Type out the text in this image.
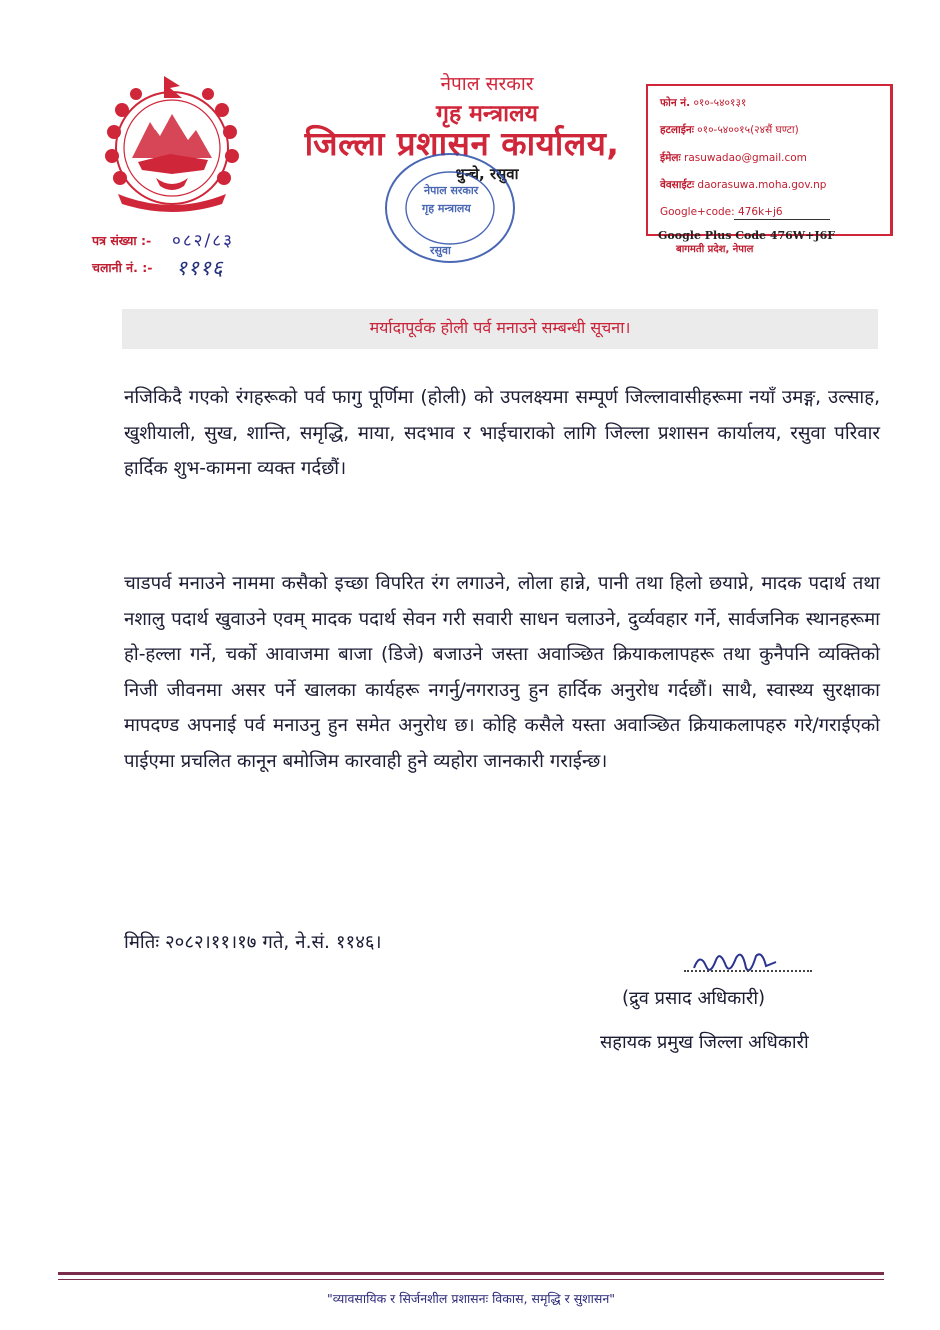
नेपाल सरकार
गृह मन्त्रालय
जिल्ला प्रशासन कार्यालय,
धुन्चे, रसुवा
नेपाल सरकार
गृह मन्त्रालय
रसुवा
फोन नं. ०१०-५४०१३१
हटलाईनः ०१०-५४००१५(२४सैं घण्टा)
ईमेलः rasuwadao@gmail.com
वेवसाईटः daorasuwa.moha.gov.np
Google+code: 476k+j6
Google Plus Code 476W+J6F
बागमती प्रदेश, नेपाल
पत्र संख्या :- ०८२/८३
चलानी नं. :- १११६
मर्यादापूर्वक होली पर्व मनाउने सम्बन्धी सूचना।
नजिकिदै गएको रंगहरूको पर्व फागु पूर्णिमा (होली) को उपलक्ष्यमा सम्पूर्ण जिल्लावासीहरूमा नयाँ उमङ्ग, उल्साह, खुशीयाली, सुख, शान्ति, समृद्धि, माया, सदभाव र भाईचाराको लागि जिल्ला प्रशासन कार्यालय, रसुवा परिवार हार्दिक शुभ-कामना व्यक्त गर्दछौं।
चाडपर्व मनाउने नाममा कसैको इच्छा विपरित रंग लगाउने, लोला हान्ने, पानी तथा हिलो छयाप्ने, मादक पदार्थ तथा नशालु पदार्थ खुवाउने एवम् मादक पदार्थ सेवन गरी सवारी साधन चलाउने, दुर्व्यवहार गर्ने, सार्वजनिक स्थानहरूमा हो-हल्ला गर्ने, चर्को आवाजमा बाजा (डिजे) बजाउने जस्ता अवाञ्छित क्रियाकलापहरू तथा कुनैपनि व्यक्तिको निजी जीवनमा असर पर्ने खालका कार्यहरू नगर्नु/नगराउनु हुन हार्दिक अनुरोध गर्दछौं। साथै, स्वास्थ्य सुरक्षाका मापदण्ड अपनाई पर्व मनाउनु हुन समेत अनुरोध छ। कोहि कसैले यस्ता अवाञ्छित क्रियाकलापहरु गरे/गराईएको पाईएमा प्रचलित कानून बमोजिम कारवाही हुने व्यहोरा जानकारी गराईन्छ।
मितिः २०८२।११।१७ गते, ने.सं. ११४६।
(द्रुव प्रसाद अधिकारी)
सहायक प्रमुख जिल्ला अधिकारी
"व्यावसायिक र सिर्जनशील प्रशासनः विकास, समृद्धि र सुशासन"
